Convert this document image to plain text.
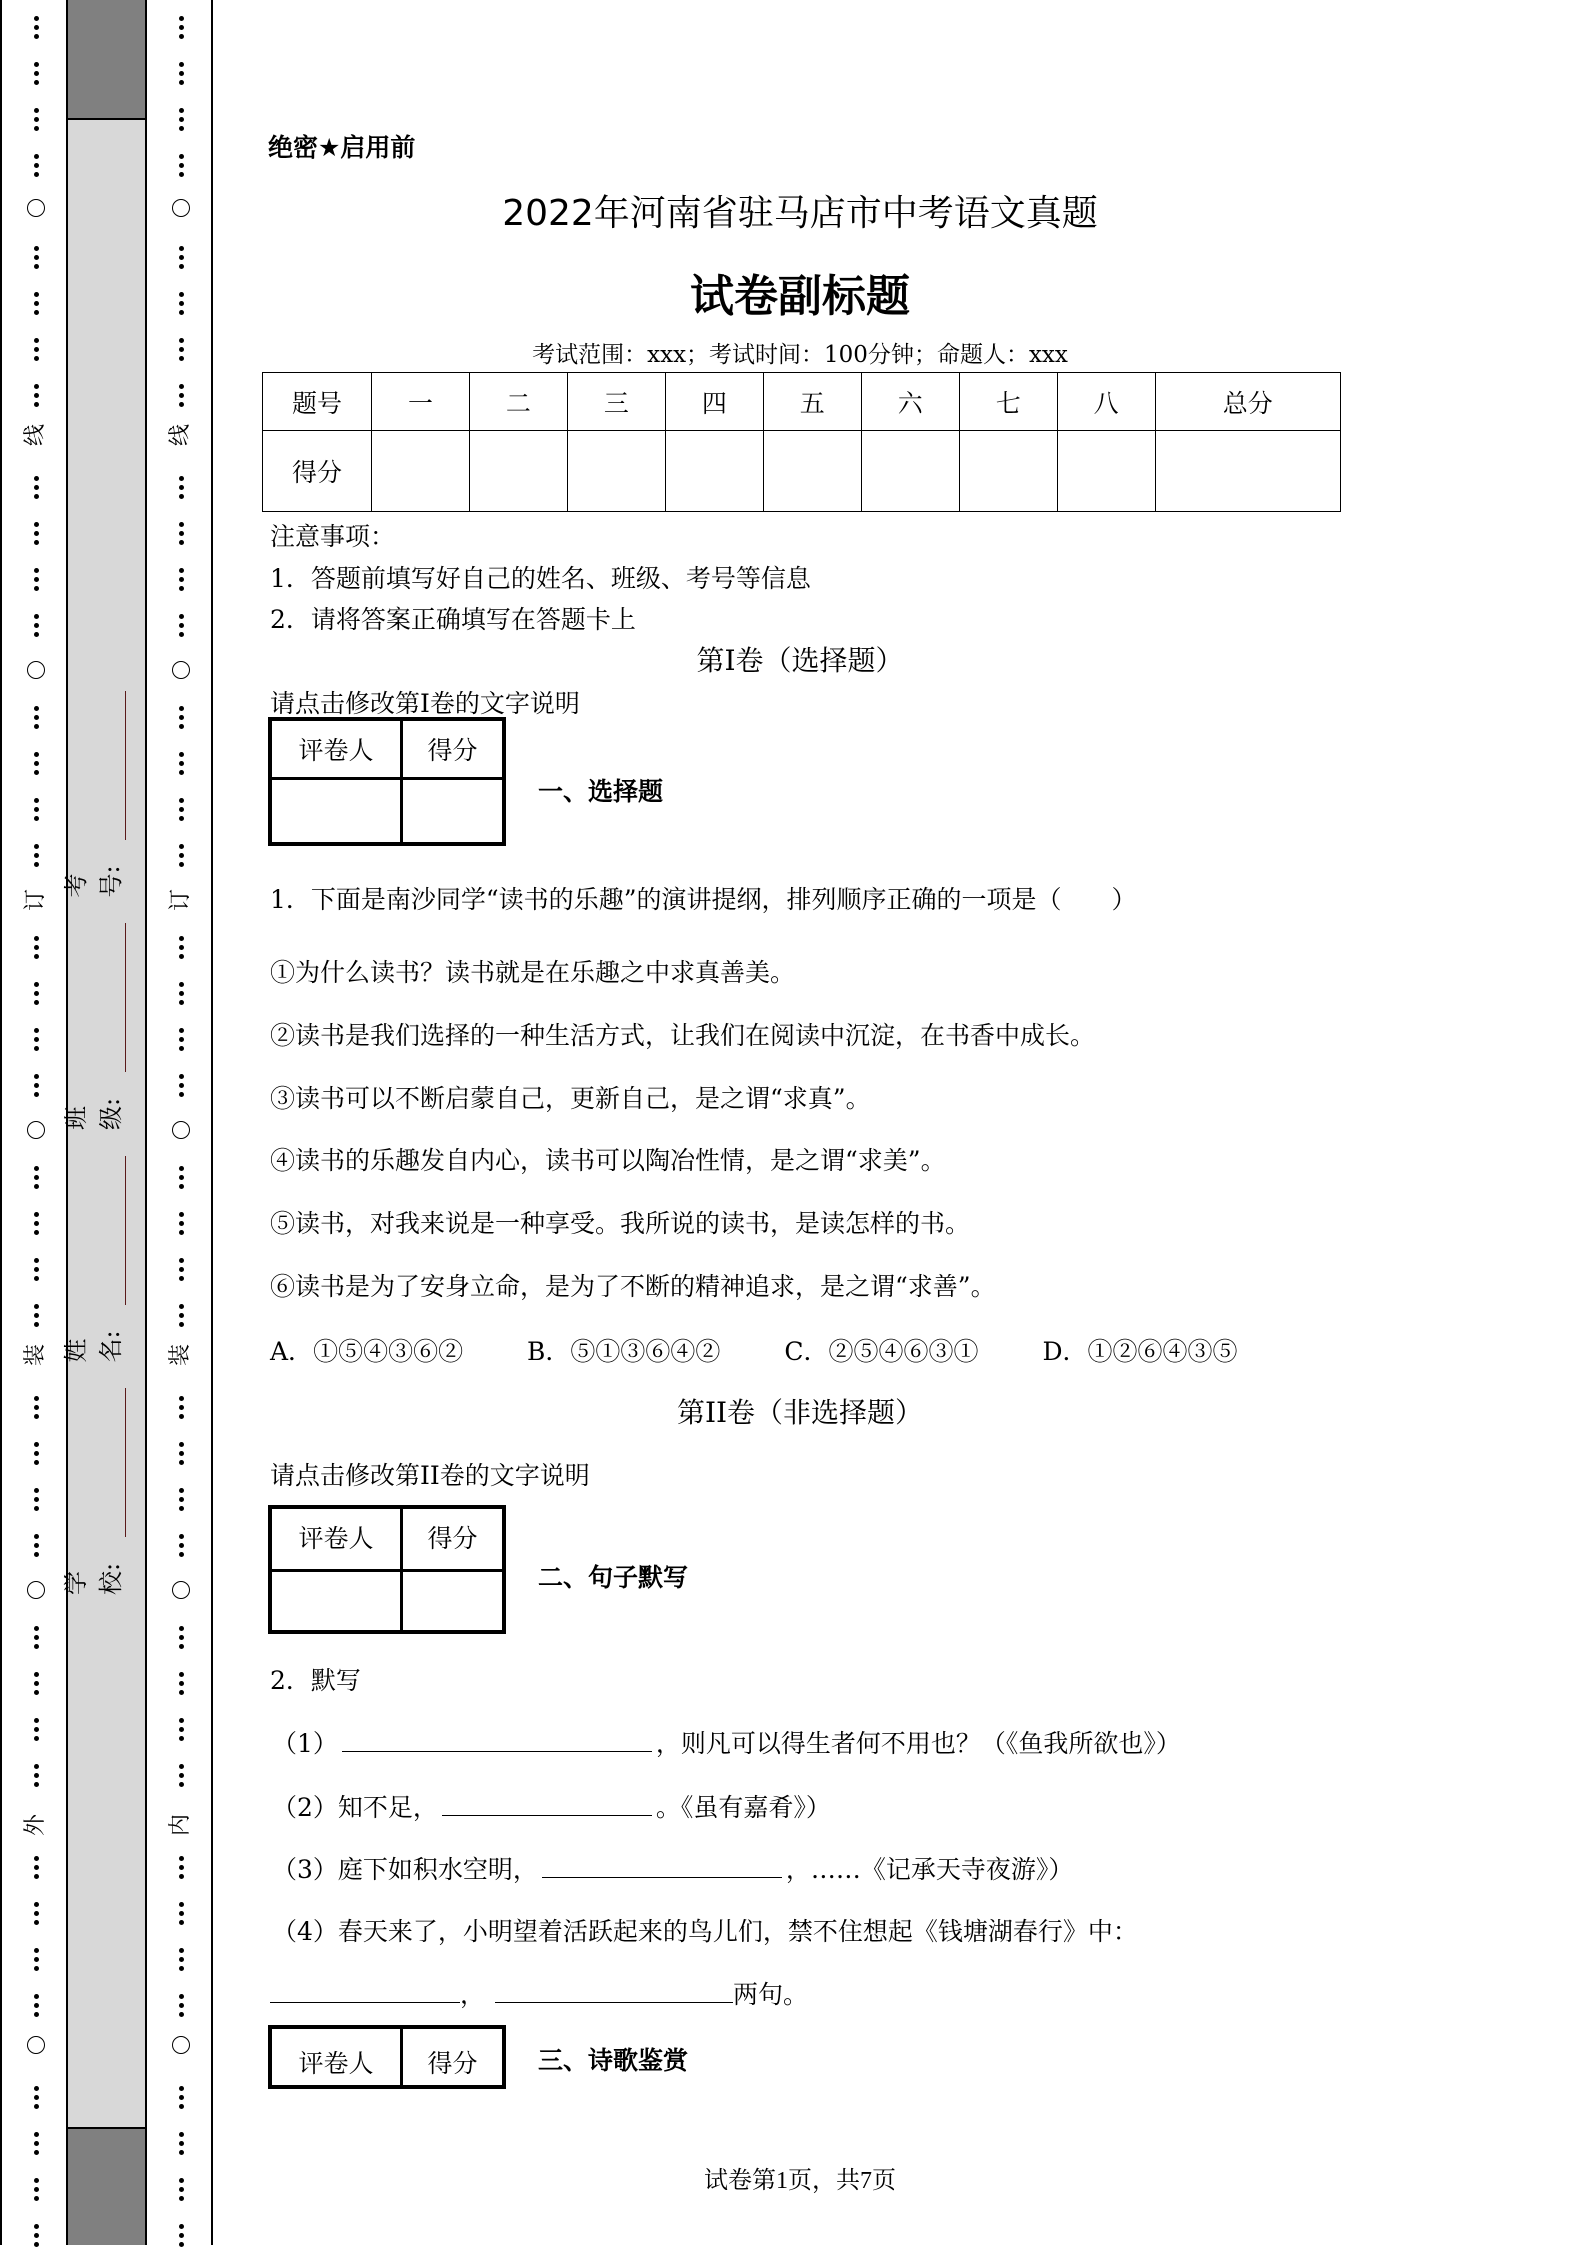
线
订
装
外
线
订
装
内
学校:
姓名:
班级:
考号:
绝密★启用前
2022年河南省驻马店市中考语文真题
试卷副标题
考试范围：xxx；考试时间：100分钟；命题人：xxx
题号	一	二	三	四	五	六	七	八	总分
得分									
注意事项：
1．答题前填写好自己的姓名、班级、考号等信息
2．请将答案正确填写在答题卡上
第I卷（选择题）
请点击修改第I卷的文字说明
评卷人	得分
一、选择题
1．下面是南沙同学“读书的乐趣”的演讲提纲，排列顺序正确的一项是（　　）
①为什么读书？读书就是在乐趣之中求真善美。
②读书是我们选择的一种生活方式，让我们在阅读中沉淀，在书香中成长。
③读书可以不断启蒙自己，更新自己，是之谓“求真”。
④读书的乐趣发自内心，读书可以陶冶性情，是之谓“求美”。
⑤读书，对我来说是一种享受。我所说的读书，是读怎样的书。
⑥读书是为了安身立命，是为了不断的精神追求，是之谓“求善”。
A．①⑤④③⑥②	B．⑤①③⑥④②	C．②⑤④⑥③①	D．①②⑥④③⑤
第II卷（非选择题）
请点击修改第II卷的文字说明
评卷人	得分
二、句子默写
2．默写
（1）	，则凡可以得生者何不用也？（《鱼我所欲也》）
（2）知不足，	。《虽有嘉肴》）
（3）庭下如积水空明，	，……《记承天寺夜游》）
（4）春天来了，小明望着活跃起来的鸟儿们，禁不住想起《钱塘湖春行》中：
，	两句。
评卷人	得分	三、诗歌鉴赏
试卷第1页，共7页
